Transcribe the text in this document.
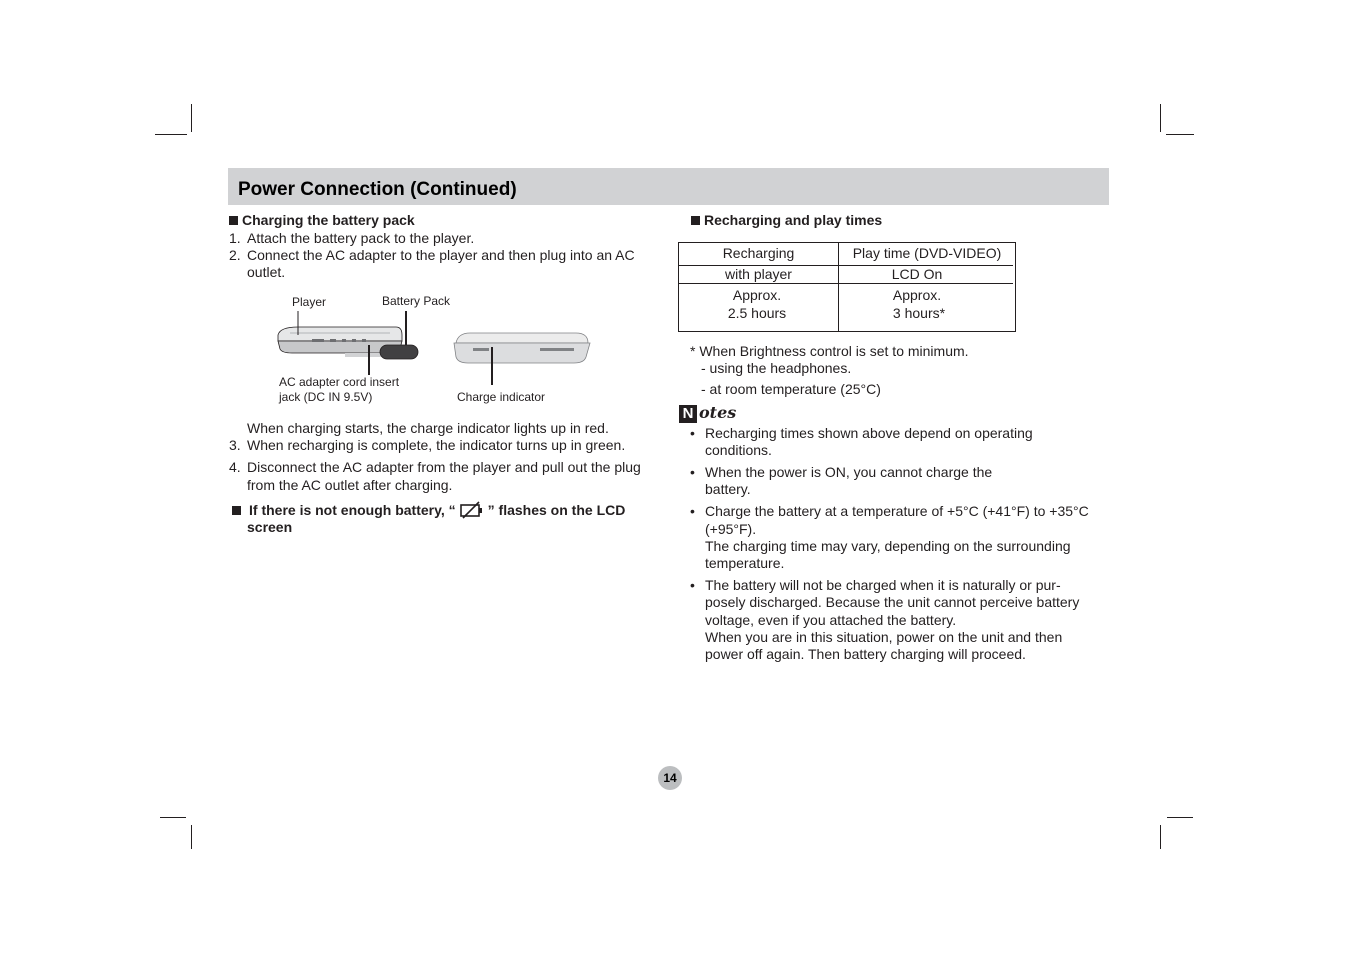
Power Connection (Continued)
Charging the battery pack
1. Attach the battery pack to the player.
2. Connect the AC adapter to the player and then plug into an AC
outlet.
Player	Battery Pack
AC adapter cord insert
jack (DC IN 9.5V)	Charge indicator
When charging starts, the charge indicator lights up in red.
3. When recharging is complete, the indicator turns up in green.
4. Disconnect the AC adapter from the player and pull out the plug
from the AC outlet after charging.
If there is not enough battery, “ ” flashes on the LCD
screen
Recharging and play times
Recharging
with player
Play time (DVD-VIDEO)
LCD On
Approx.
2.5 hours
Approx.
3 hours*
* When Brightness control is set to minimum.
- using the headphones.
- at room temperature (25°C)
N otes
• Recharging times shown above depend on operating
conditions.
• When the power is ON, you cannot charge the
battery.
• Charge the battery at a temperature of +5°C (+41°F) to +35°C
(+95°F).
The charging time may vary, depending on the surrounding
temperature.
• The battery will not be charged when it is naturally or pur-
posely discharged. Because the unit cannot perceive battery
voltage, even if you attached the battery.
When you are in this situation, power on the unit and then
power off again. Then battery charging will proceed.
14
